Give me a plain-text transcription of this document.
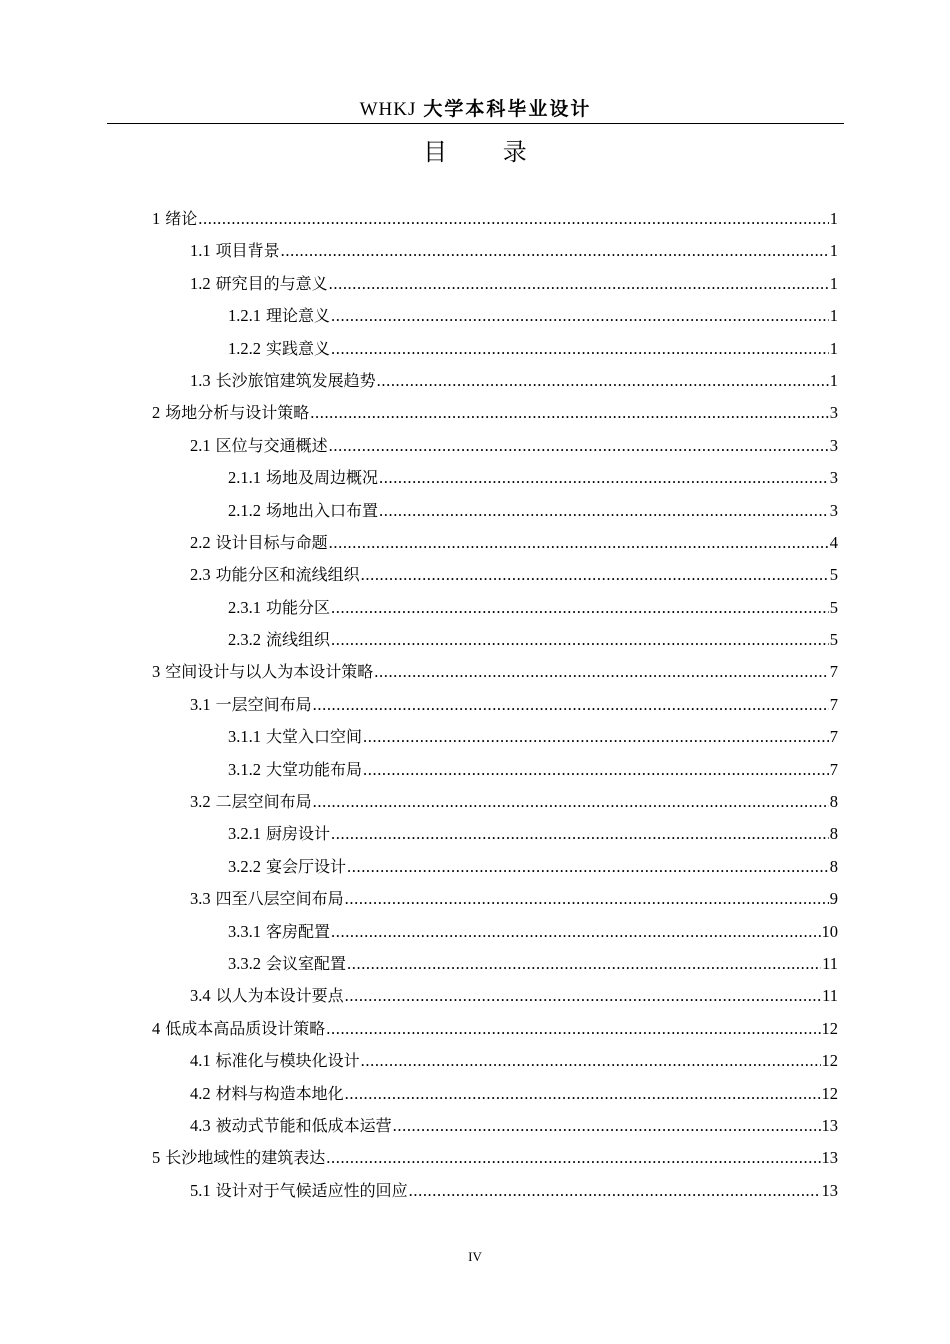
WHKJ 大学本科毕业设计
目 录
1 绪论 .....	1
1.1 项目背景 .....	1
1.2 研究目的与意义 .....	1
1.2.1 理论意义 .....	1
1.2.2 实践意义 .....	1
1.3 长沙旅馆建筑发展趋势 .....	1
2 场地分析与设计策略 .....	3
2.1 区位与交通概述 .....	3
2.1.1 场地及周边概况 .....	3
2.1.2 场地出入口布置 .....	3
2.2 设计目标与命题 .....	4
2.3 功能分区和流线组织 .....	5
2.3.1 功能分区 .....	5
2.3.2 流线组织 .....	5
3 空间设计与以人为本设计策略 .....	7
3.1 一层空间布局 .....	7
3.1.1 大堂入口空间 .....	7
3.1.2 大堂功能布局 .....	7
3.2 二层空间布局 .....	8
3.2.1 厨房设计 .....	8
3.2.2 宴会厅设计 .....	8
3.3 四至八层空间布局 .....	9
3.3.1 客房配置 .....	10
3.3.2 会议室配置 .....	11
3.4 以人为本设计要点 .....	11
4 低成本高品质设计策略 .....	12
4.1 标准化与模块化设计 .....	12
4.2 材料与构造本地化 .....	12
4.3 被动式节能和低成本运营 .....	13
5 长沙地域性的建筑表达 .....	13
5.1 设计对于气候适应性的回应 .....	13
IV
